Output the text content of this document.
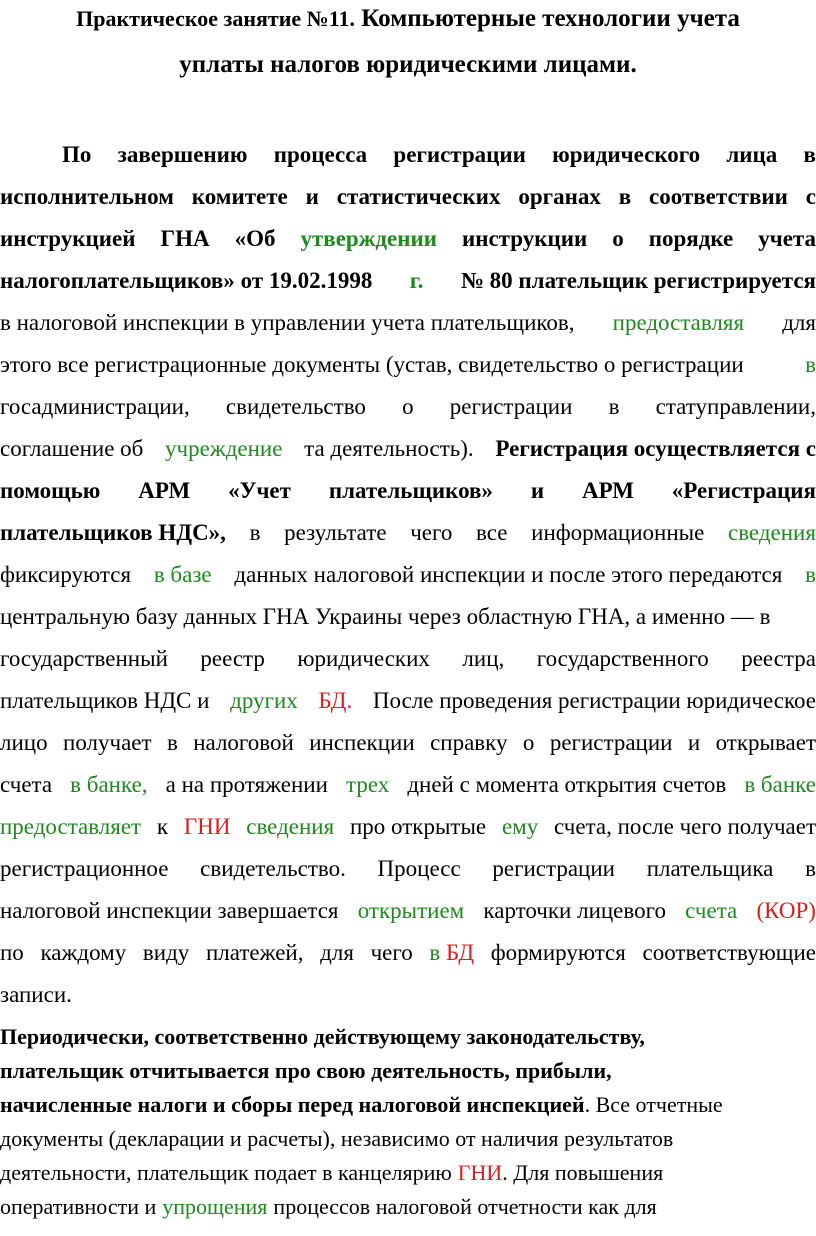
Практическое занятие №11. Компьютерные технологии учета
уплаты налогов юридическими лицами.
По завершению процесса регистрации юридического лица в
исполнительном комитете и статистических органах в соответствии с
инструкцией ГНА «Об утверждении инструкции о порядке учета
налогоплательщиков» от 19.02.1998 г. № 80 плательщик регистрируется
в налоговой инспекции в управлении учета плательщиков, предоставляя для
этого все регистрационные документы (устав, свидетельство о регистрации	в
госадминистрации, свидетельство о регистрации в статуправлении,
соглашение об учреждение та деятельность). Регистрация осуществляется с
помощью АРМ «Учет плательщиков» и АРМ «Регистрация
плательщиков НДС», в результате чего все информационные сведения
фиксируются в базе данных налоговой инспекции и после этого передаются в
центральную базу данных ГНА Украины через областную ГНА, а именно — в
государственный реестр юридических лиц, государственного реестра
плательщиков НДС и других БД. После проведения регистрации юридическое
лицо получает в налоговой инспекции справку о регистрации и открывает
счета в банке, а на протяжении трех дней с момента открытия счетов в банке
предоставляет к ГНИ сведения про открытые ему счета, после чего получает
регистрационное свидетельство. Процесс регистрации плательщика в
налоговой инспекции завершается открытием карточки лицевого счета (КОР)
по каждому виду платежей, для чего в БД формируются соответствующие
записи.
Периодически, соответственно действующему законодательству,
плательщик отчитывается про свою деятельность, прибыли,
начисленные налоги и сборы перед налоговой инспекцией . Все отчетные
документы (декларации и расчеты), независимо от наличия результатов
деятельности, плательщик подает в канцелярию ГНИ . Для повышения
оперативности и упрощения процессов налоговой отчетности как для
